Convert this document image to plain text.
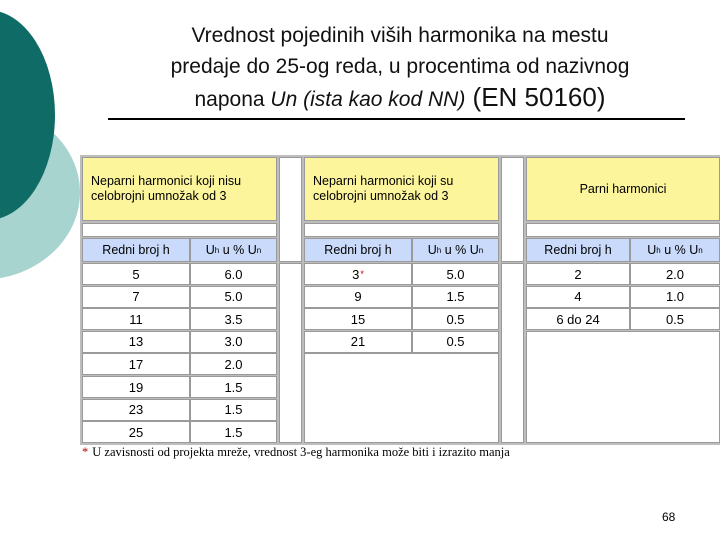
Vrednost pojedinih viših harmonika na mestu
predaje do 25-og reda, u procentima od nazivnog
napona Un (ista kao kod NN) (EN 50160)
Neparni harmonici koji nisu
celobrojni umnožak od 3
Neparni harmonici koji su
celobrojni umnožak od 3
Parni harmonici
Redni broj h	U h u % U n	Redni broj h	U h u % U n	Redni broj h	U h u % U n
5	6.0
7	5.0
11	3.5
13	3.0
17	2.0
19	1.5
23	1.5
25	1.5
3 *	5.0
9	1.5
15	0.5
21	0.5
2	2.0
4	1.0
6 do 24	0.5
* U zavisnosti od projekta mreže, vrednost 3-eg harmonika može biti i izrazito manja
68
